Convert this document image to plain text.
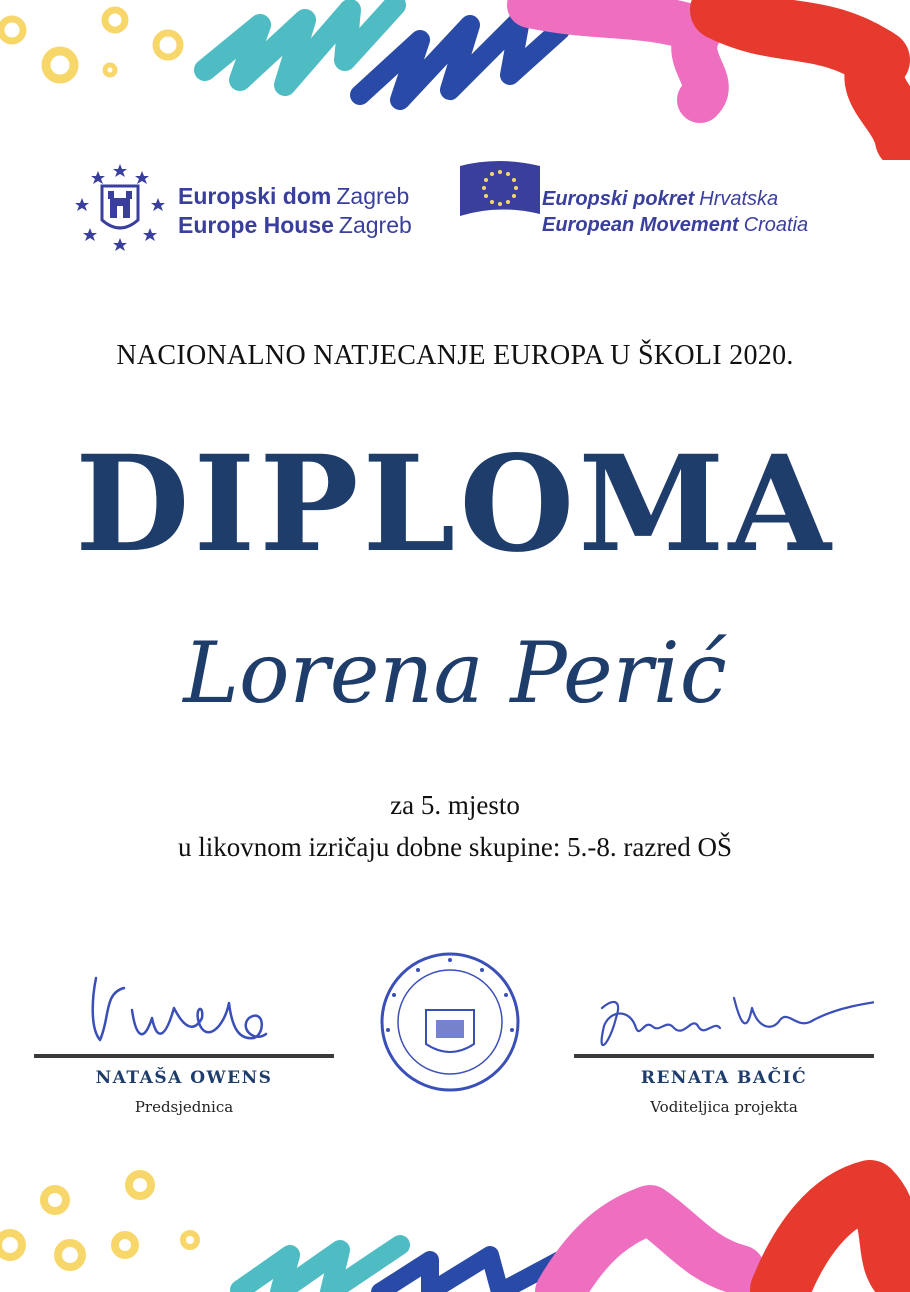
Europski dom Zagreb
Europe House Zagreb
Europski pokret Hrvatska
European Movement Croatia
NACIONALNO NATJECANJE EUROPA U ŠKOLI 2020.
DIPLOMA
Lorena Perić
za 5. mjesto
u likovnom izričaju dobne skupine: 5.-8. razred OŠ
NATAŠA OWENS
Predsjednica
RENATA BAČIĆ
Voditeljica projekta
